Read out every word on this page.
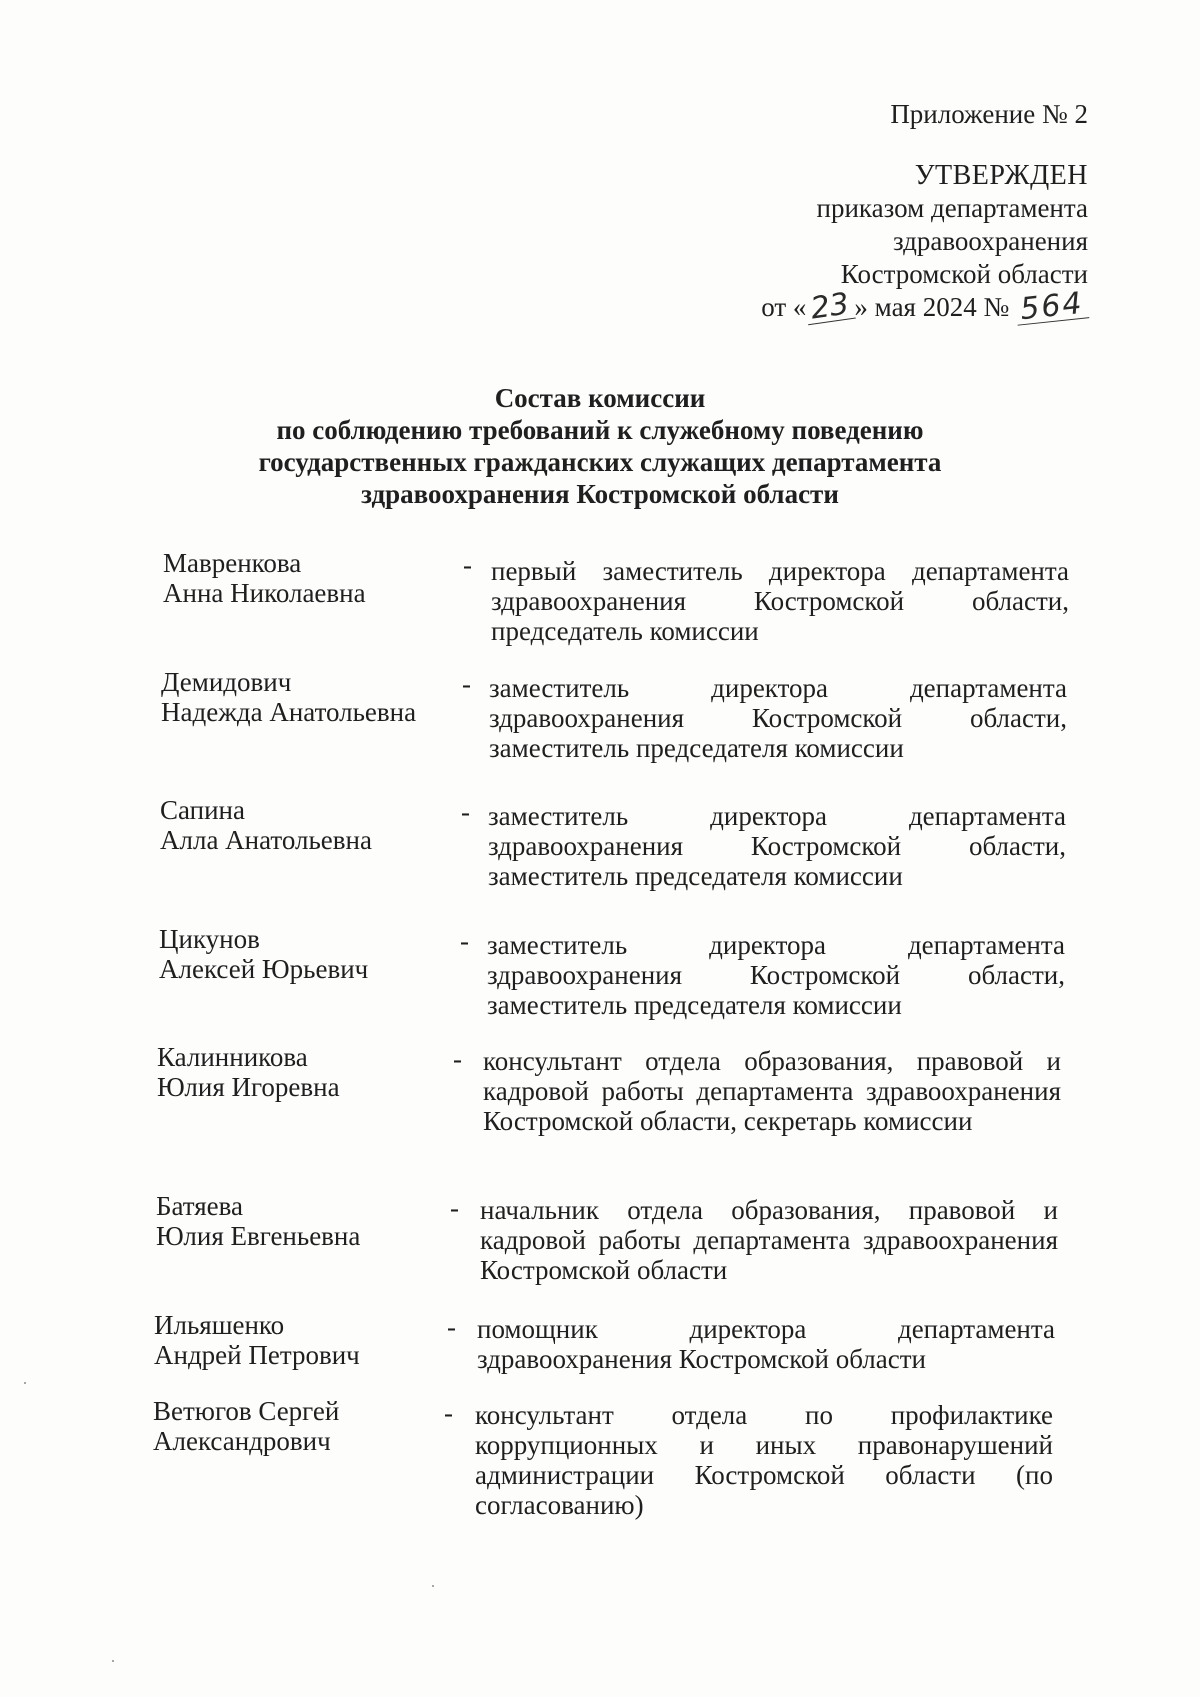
Приложение № 2
УТВЕРЖДЕН
приказом департамента
здравоохранения
Костромской области
от «23 » мая 2024 № 564
Состав комиссии
по соблюдению требований к служебному поведению
государственных гражданских служащих департамента
здравоохранения Костромской области
Мавренкова
Анна Николаевна
- первый заместитель директора департамента здравоохранения Костромской области, председатель комиссии
Демидович
Надежда Анатольевна
- заместитель директора департамента здравоохранения Костромской области, заместитель председателя комиссии
Сапина
Алла Анатольевна
- заместитель директора департамента здравоохранения Костромской области, заместитель председателя комиссии
Цикунов
Алексей Юрьевич
- заместитель директора департамента здравоохранения Костромской области, заместитель председателя комиссии
Калинникова
Юлия Игоревна
- консультант отдела образования, правовой и кадровой работы департамента здравоохранения Костромской области, секретарь комиссии
Батяева
Юлия Евгеньевна
- начальник отдела образования, правовой и кадровой работы департамента здравоохранения Костромской области
Ильяшенко
Андрей Петрович
- помощник директора департамента здравоохранения Костромской области
Ветюгов Сергей
Александрович
- консультант отдела по профилактике коррупционных и иных правонарушений администрации Костромской области (по согласованию)
